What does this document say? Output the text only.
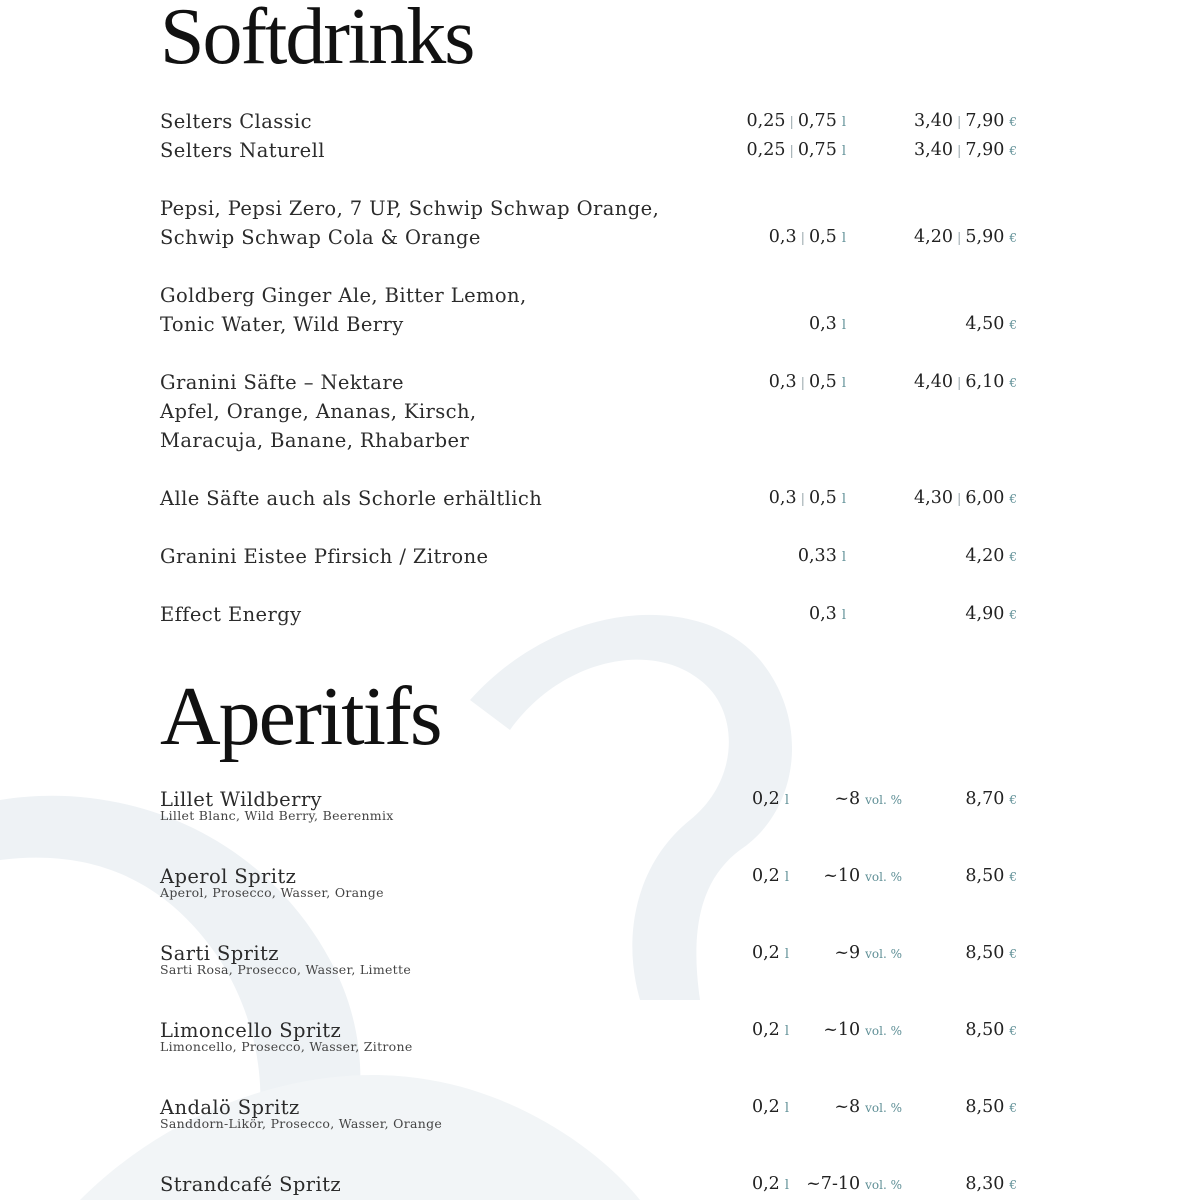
Softdrinks
Selters Classic	0,25 | 0,75 l	3,40 | 7,90 €
Selters Naturell	0,25 | 0,75 l	3,40 | 7,90 €
Pepsi, Pepsi Zero, 7 UP, Schwip Schwap Orange,
Schwip Schwap Cola & Orange	0,3 | 0,5 l	4,20 | 5,90 €
Goldberg Ginger Ale, Bitter Lemon,
Tonic Water, Wild Berry	0,3 l	4,50 €
Granini Säfte – Nektare
Apfel, Orange, Ananas, Kirsch,
Maracuja, Banane, Rhabarber
0,3 | 0,5 l	4,40 | 6,10 €
Alle Säfte auch als Schorle erhältlich	0,3 | 0,5 l	4,30 | 6,00 €
Granini Eistee Pfirsich / Zitrone	0,33 l	4,20 €
Effect Energy	0,3 l	4,90 €
Aperitifs
Lillet Wildberry
Lillet Blanc, Wild Berry, Beerenmix
0,2 l	~8 vol. %	8,70 €
Aperol Spritz
Aperol, Prosecco, Wasser, Orange
0,2 l ~10 vol. %	8,50 €
Sarti Spritz
Sarti Rosa, Prosecco, Wasser, Limette
0,2 l	~9 vol. %	8,50 €
Limoncello Spritz
Limoncello, Prosecco, Wasser, Zitrone
0,2 l ~10 vol. %	8,50 €
Andalö Spritz
Sanddorn-Likör, Prosecco, Wasser, Orange
0,2 l	~8 vol. %	8,50 €
Strandcafé Spritz	0,2 l ~7-10 vol. %	8,30 €
